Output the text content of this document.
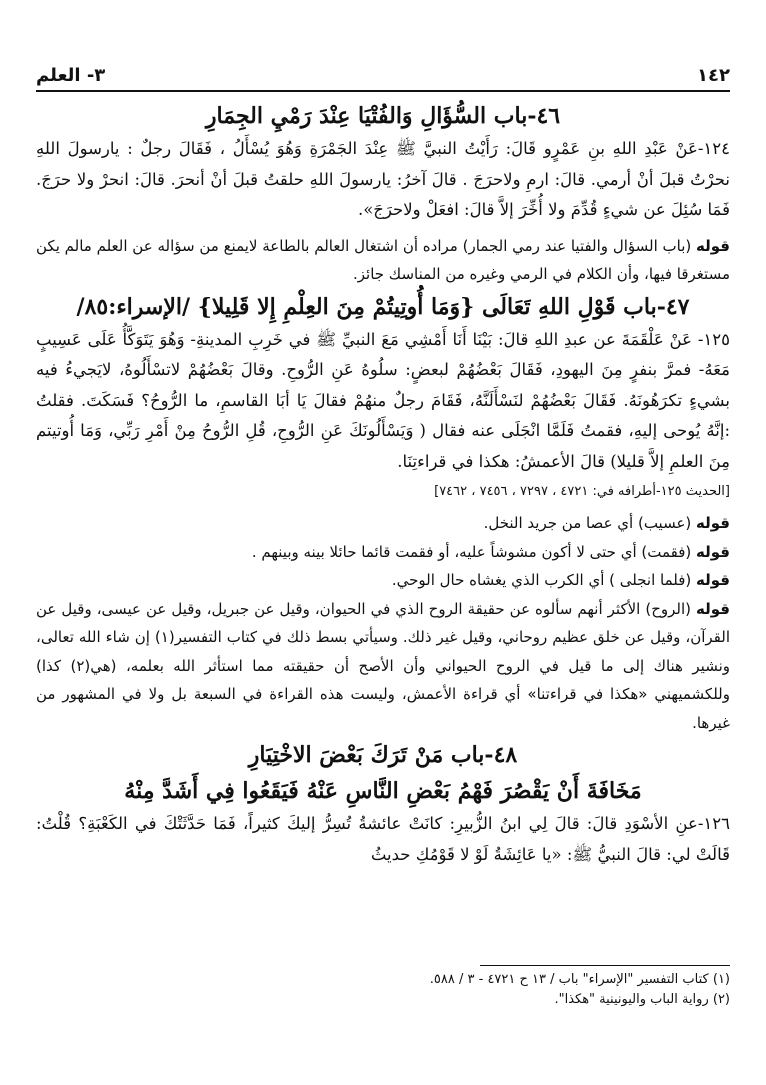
١٤٢
٣- العلم
٤٦-باب السُّؤَالِ وَالفُتْيَا عِنْدَ رَمْيِ الجِمَارِ

١٢٤-عَنْ عَبْدِ اللهِ بنِ عَمْرٍو قَالَ: رَأَيْتُ النبيَّ ﷺ عِنْدَ الجَمْرَةِ وَهُوَ يُسْأَلُ ، فَقَالَ رجلٌ : يارسولَ اللهِ نحرْتُ قبلَ أنْ أرمي. قالَ: ارمِ ولاحرَجَ . قالَ آخرُ: يارسولَ اللهِ حلقتُ قبلَ أنْ أنحرَ. قالَ: انحرْ ولا حرَجَ. فَمَا سُئِلَ عن شيءٍ قُدِّمَ ولا أُخِّرَ إلاَّ قالَ: افعَلْ ولاحرَجَ».

قوله (باب السؤال والفتيا عند رمي الجمار) مراده أن اشتغال العالم بالطاعة لايمنع من سؤاله عن العلم مالم يكن مستغرقا فيها، وأن الكلام في الرمي وغيره من المناسك جائز.

٤٧-باب قَوْلِ اللهِ تَعَالَى {وَمَا أُوتِيتُمْ مِنَ العِلْمِ إِلا قَلِيلا} /الإسراء:٨٥/

١٢٥- عَنْ عَلْقَمَةَ عن عبدِ اللهِ قالَ: بَيْنَا أَنَا أَمْشِي مَعَ النبيِّ ﷺ في خَرِبِ المدينةِ- وَهُوَ يَتَوَكَّأُ عَلَى عَسِيبٍ مَعَهُ- فمرَّ بنفرٍ مِنَ اليهودِ، فَقَالَ بَعْضُهُمْ لبعضٍ: سلُوهُ عَنِ الرُّوحِ. وقالَ بَعْضُهُمْ لاتسْأَلُوهُ، لايَجيءُ فيه بشيءٍ تكرَهُونَهُ. فَقَالَ بَعْضُهُمْ لنَسْأَلَنَّهُ، فَقَامَ رجلٌ منهُمْ فقالَ يَا أبَا القاسمِ، ما الرُّوحُ؟ فَسَكَتَ. فقلتُ :إنَّهُ يُوحى إليهِ، فقمتُ فَلَمَّا انْجَلَى عنه فقال ( وَيَسْأَلُونَكَ عَنِ الرُّوحِ، قُلِ الرُّوحُ مِنْ أَمْرِ رَبِّي، وَمَا أُوتيتم مِنَ العلمِ إلاَّ قليلا) قالَ الأعمشُ: هكذا في قراءتِنَا.

[الحديث ١٢٥-أطرافه في: ٤٧٢١ ، ٧٢٩٧ ، ٧٤٥٦ ، ٧٤٦٢]

قوله (عسيب) أي عصا من جريد النخل.

قوله (فقمت) أي حتى لا أكون مشوشاً عليه، أو فقمت قائما حائلا بينه وبينهم .

قوله (فلما انجلى ) أي الكرب الذي يغشاه حال الوحي.

قوله (الروح) الأكثر أنهم سألوه عن حقيقة الروح الذي في الحيوان، وقيل عن جبريل، وقيل عن عيسى، وقيل عن القرآن، وقيل عن خلق عظيم روحاني، وقيل غير ذلك. وسيأتي بسط ذلك في كتاب التفسير(١) إن شاء الله تعالى، ونشير هناك إلى ما قيل في الروح الحيواني وأن الأصح أن حقيقته مما استأثر الله بعلمه، (هي(٢) كذا) وللكشميهني «هكذا في قراءتنا» أي قراءة الأعمش، وليست هذه القراءة في السبعة بل ولا في المشهور من غيرها.

٤٨-باب مَنْ تَرَكَ بَعْضَ الاخْتِيَارِ
مَخَافَةَ أَنْ يَقْصُرَ فَهْمُ بَعْضِ النَّاسِ عَنْهُ فَيَقَعُوا فِي أَشَدَّ مِنْهُ

١٢٦-عنِ الأسْوَدِ قالَ: قالَ لِي ابنُ الزُّبيرِ: كانَتْ عائشةُ تُسِرُّ إليكَ كثيراً، فَمَا حَدَّثَتْكَ في الكَعْبَةِ؟ قُلْتُ: قَالَتْ لي: قالَ النبيُّ ﷺ: «يا عَائِشَةُ لَوْ لا قَوْمُكِ حديثُ

(١) كتاب التفسير "الإسراء" باب / ١٣ ح ٤٧٢١ - ٣ / ٥٨٨.

(٢) رواية الباب واليونينية "هكذا".
